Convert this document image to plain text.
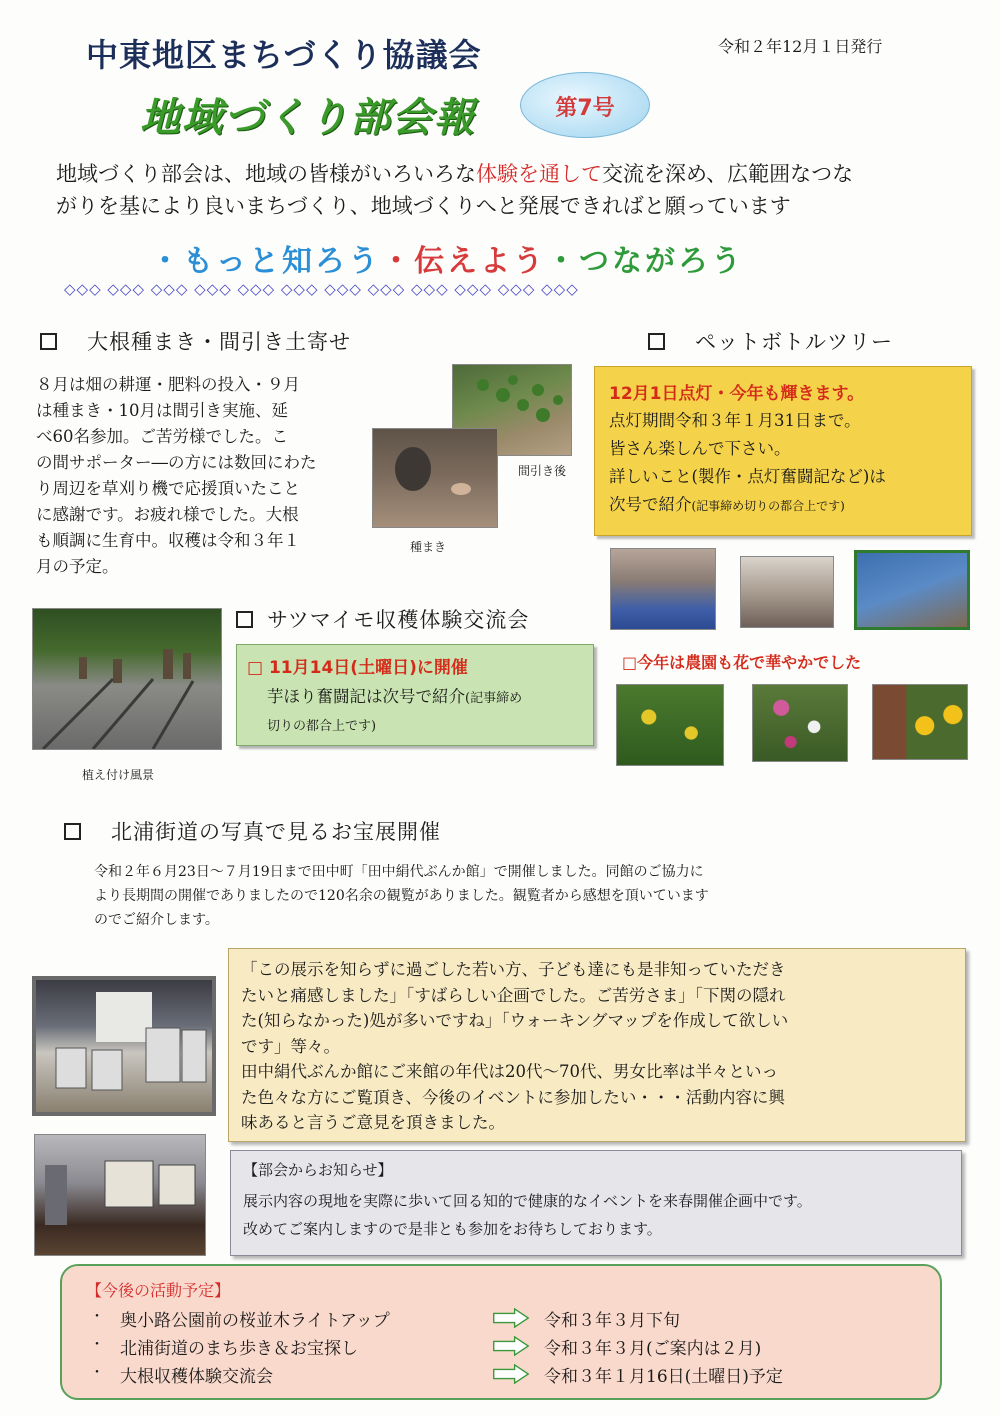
中東地区まちづくり協議会
地域づくり部会報	第7号
令和２年12月１日発行
地域づくり部会は、地域の皆様がいろいろな体験を通して交流を深め、広範囲なつな
がりを基により良いまちづくり、地域づくりへと発展できればと願っています
・もっと知ろう・伝えよう・つながろう
◇◇◇ ◇◇◇ ◇◇◇ ◇◇◇ ◇◇◇ ◇◇◇ ◇◇◇ ◇◇◇ ◇◇◇ ◇◇◇ ◇◇◇ ◇◇◇
大根種まき・間引き土寄せ
８月は畑の耕運・肥料の投入・９月
は種まき・10月は間引き実施、延
べ60名参加。ご苦労様でした。こ
の間サポーター―の方には数回にわた
り周辺を草刈り機で応援頂いたこと
に感謝です。お疲れ様でした。大根
も順調に生育中。収穫は令和３年１
月の予定。
間引き後
種まき
ペットボトルツリー
12月1日点灯・今年も輝きます。
点灯期間令和３年１月31日まで。
皆さん楽しんで下さい。
詳しいこと(製作・点灯奮闘記など)は
次号で紹介(記事締め切りの都合上です)
□今年は農園も花で華やかでした
植え付け風景
サツマイモ収穫体験交流会
□ 11月14日(土曜日)に開催
芋ほり奮闘記は次号で紹介(記事締め
切りの都合上です)
北浦街道の写真で見るお宝展開催
令和２年６月23日～７月19日まで田中町「田中絹代ぶんか館」で開催しました。同館のご協力に
より長期間の開催でありましたので120名余の観覧がありました。観覧者から感想を頂いています
のでご紹介します。
「この展示を知らずに過ごした若い方、子ども達にも是非知っていただき
たいと痛感しました」「すばらしい企画でした。ご苦労さま」「下関の隠れ
た(知らなかった)処が多いですね」「ウォーキングマップを作成して欲しい
です」等々。
田中絹代ぶんか館にご来館の年代は20代～70代、男女比率は半々といっ
た色々な方にご覧頂き、今後のイベントに参加したい・・・活動内容に興
味あると言うご意見を頂きました。
【部会からお知らせ】
展示内容の現地を実際に歩いて回る知的で健康的なイベントを来春開催企画中です。
改めてご案内しますので是非とも参加をお待ちしております。
【今後の活動予定】
・ 奥小路公園前の桜並木ライトアップ	令和３年３月下旬
・ 北浦街道のまち歩き＆お宝探し	令和３年３月(ご案内は２月)
・ 大根収穫体験交流会	令和３年１月16日(土曜日)予定
